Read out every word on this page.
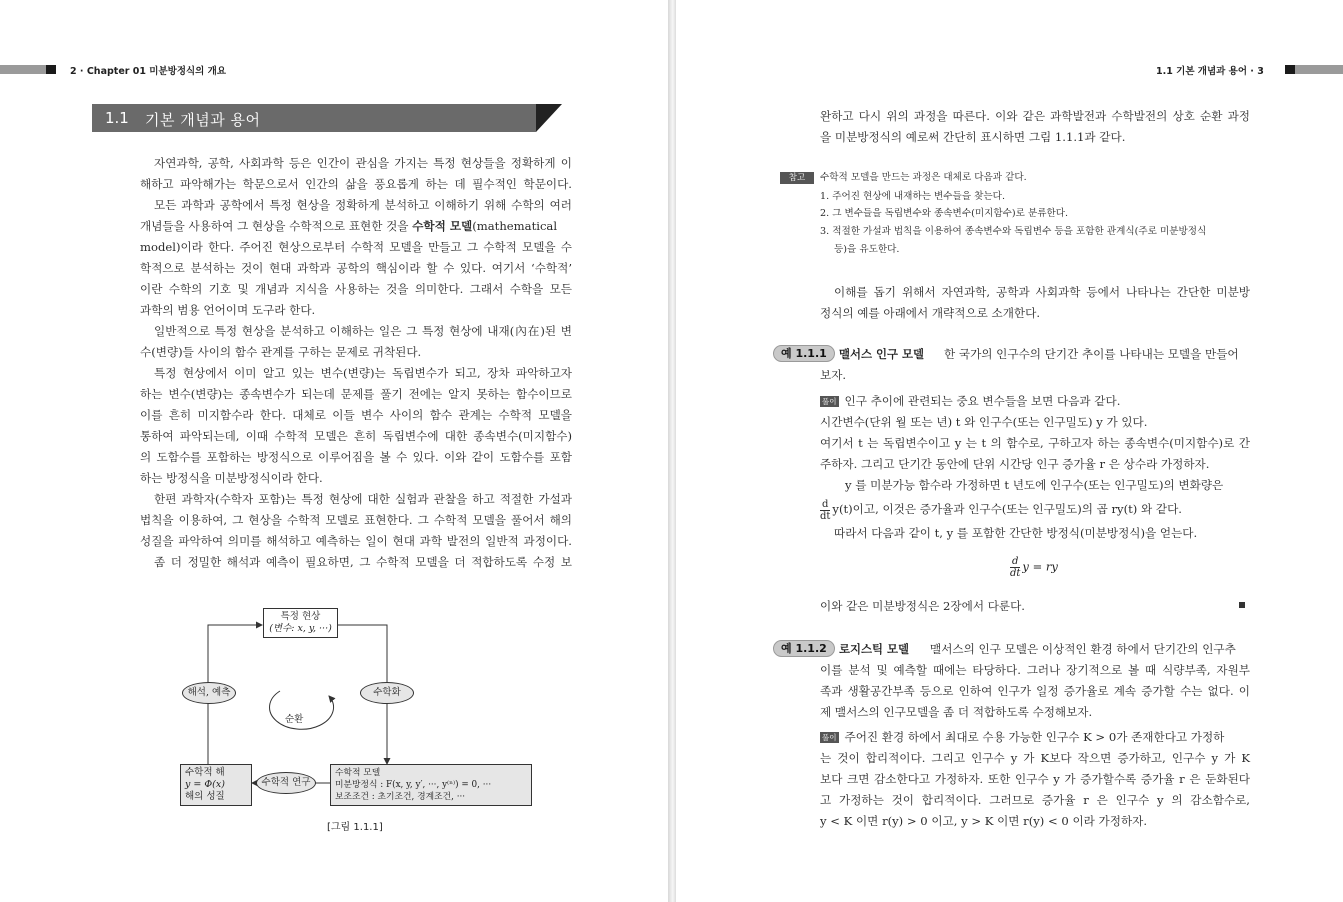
2 · Chapter 01 미분방정식의 개요
1.1 기본 개념과 용어
자연과학, 공학, 사회과학 등은 인간이 관심을 가지는 특정 현상들을 정확하게 이
해하고 파악해가는 학문으로서 인간의 삶을 풍요롭게 하는 데 필수적인 학문이다.
모든 과학과 공학에서 특정 현상을 정확하게 분석하고 이해하기 위해 수학의 여러
개념들을 사용하여 그 현상을 수학적으로 표현한 것을 수학적 모델(mathematical
model)이라 한다. 주어진 현상으로부터 수학적 모델을 만들고 그 수학적 모델을 수
학적으로 분석하는 것이 현대 과학과 공학의 핵심이라 할 수 있다. 여기서 ‘수학적’
이란 수학의 기호 및 개념과 지식을 사용하는 것을 의미한다. 그래서 수학을 모든
과학의 범용 언어이며 도구라 한다.
일반적으로 특정 현상을 분석하고 이해하는 일은 그 특정 현상에 내재(內在)된 변
수(변량)들 사이의 함수 관계를 구하는 문제로 귀착된다.
특정 현상에서 이미 알고 있는 변수(변량)는 독립변수가 되고, 장차 파악하고자
하는 변수(변량)는 종속변수가 되는데 문제를 풀기 전에는 알지 못하는 함수이므로
이를 흔히 미지함수라 한다. 대체로 이들 변수 사이의 함수 관계는 수학적 모델을
통하여 파악되는데, 이때 수학적 모델은 흔히 독립변수에 대한 종속변수(미지함수)
의 도함수를 포함하는 방정식으로 이루어짐을 볼 수 있다. 이와 같이 도함수를 포함
하는 방정식을 미분방정식이라 한다.
한편 과학자(수학자 포함)는 특정 현상에 대한 실험과 관찰을 하고 적절한 가설과
법칙을 이용하여, 그 현상을 수학적 모델로 표현한다. 그 수학적 모델을 풀어서 해의
성질을 파악하여 의미를 해석하고 예측하는 일이 현대 과학 발전의 일반적 과정이다.
좀 더 정밀한 해석과 예측이 필요하면, 그 수학적 모델을 더 적합하도록 수정 보
특정 현상
(변수: x, y, ···)
해석, 예측	수학화
순환
수학적 해
y = Φ(x)
해의 성질
수학적 연구
수학적 모델
미분방정식 : F(x, y, y′, ···, y⁽ⁿ⁾) = 0, ···
보조조건 : 초기조건, 경계조건, ···
[그림 1.1.1]
1.1 기본 개념과 용어 · 3
완하고 다시 위의 과정을 따른다. 이와 같은 과학발전과 수학발전의 상호 순환 과정
을 미분방정식의 예로써 간단히 표시하면 그림 1.1.1과 같다.
참고	수학적 모델을 만드는 과정은 대체로 다음과 같다.
1. 주어진 현상에 내재하는 변수들을 찾는다.
2. 그 변수들을 독립변수와 종속변수(미지함수)로 분류한다.
3. 적절한 가설과 법칙을 이용하여 종속변수와 독립변수 등을 포함한 관계식(주로 미분방정식
등)을 유도한다.
이해를 돕기 위해서 자연과학, 공학과 사회과학 등에서 나타나는 간단한 미분방
정식의 예를 아래에서 개략적으로 소개한다.
예 1.1.1	맬서스 인구 모델 한 국가의 인구수의 단기간 추이를 나타내는 모델을 만들어
보자.
풀이 인구 추이에 관련되는 중요 변수들을 보면 다음과 같다.
시간변수(단위 월 또는 년) t 와 인구수(또는 인구밀도) y 가 있다.
여기서 t 는 독립변수이고 y 는 t 의 함수로, 구하고자 하는 종속변수(미지함수)로 간
주하자. 그리고 단기간 동안에 단위 시간당 인구 증가율 r 은 상수라 가정하자.
y 를 미분가능 함수라 가정하면 t 년도에 인구수(또는 인구밀도)의 변화량은
$\frac{d}{dt} y(t)$이고, 이것은 증가율과 인구수(또는 인구밀도)의 곱 ry(t) 와 같다.
따라서 다음과 같이 t, y 를 포함한 간단한 방정식(미분방정식)을 얻는다.
$\frac{d}{dt}$ y = ry
이와 같은 미분방정식은 2장에서 다룬다.
예 1.1.2	로지스틱 모델 맬서스의 인구 모델은 이상적인 환경 하에서 단기간의 인구추
이를 분석 및 예측할 때에는 타당하다. 그러나 장기적으로 볼 때 식량부족, 자원부
족과 생활공간부족 등으로 인하여 인구가 일정 증가율로 계속 증가할 수는 없다. 이
제 맬서스의 인구모델을 좀 더 적합하도록 수정해보자.
풀이 주어진 환경 하에서 최대로 수용 가능한 인구수 K > 0가 존재한다고 가정하
는 것이 합리적이다. 그리고 인구수 y 가 K보다 작으면 증가하고, 인구수 y 가 K
보다 크면 감소한다고 가정하자. 또한 인구수 y 가 증가할수록 증가율 r 은 둔화된다
고 가정하는 것이 합리적이다. 그러므로 증가율 r 은 인구수 y 의 감소함수로,
y < K 이면 r(y) > 0 이고, y > K 이면 r(y) < 0 이라 가정하자.
